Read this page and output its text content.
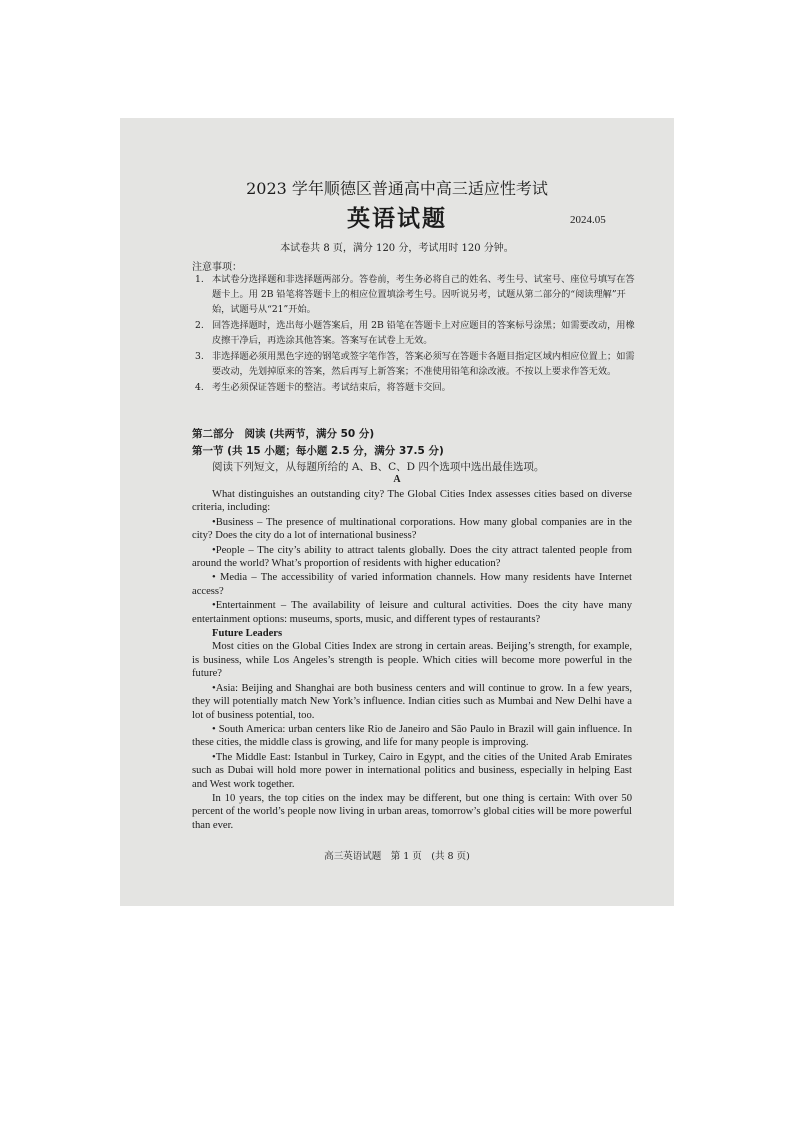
2023 学年顺德区普通高中高三适应性考试
英语试题	2024.05
本试卷共 8 页，满分 120 分，考试用时 120 分钟。
注意事项：
1. 本试卷分选择题和非选择题两部分。答卷前，考生务必将自己的姓名、考生号、试室号、座位号填写在答题卡上。用 2B 铅笔将答题卡上的相应位置填涂考生号。因听说另考，试题从第二部分的“阅读理解”开始，试题号从“21”开始。
2. 回答选择题时，选出每小题答案后，用 2B 铅笔在答题卡上对应题目的答案标号涂黑；如需要改动，用橡皮擦干净后，再选涂其他答案。答案写在试卷上无效。
3. 非选择题必须用黑色字迹的钢笔或签字笔作答，答案必须写在答题卡各题目指定区域内相应位置上；如需要改动，先划掉原来的答案，然后再写上新答案；不准使用铅笔和涂改液。不按以上要求作答无效。
4. 考生必须保证答题卡的整洁。考试结束后，将答题卡交回。
第二部分　阅读 (共两节，满分 50 分)
第一节 (共 15 小题；每小题 2.5 分，满分 37.5 分)
阅读下列短文，从每题所给的 A、B、C、D 四个选项中选出最佳选项。
A

What distinguishes an outstanding city? The Global Cities Index assesses cities based on diverse criteria, including:

•Business – The presence of multinational corporations. How many global companies are in the city? Does the city do a lot of international business?

•People – The city’s ability to attract talents globally. Does the city attract talented people from around the world? What’s proportion of residents with higher education?

• Media – The accessibility of varied information channels. How many residents have Internet access?

•Entertainment – The availability of leisure and cultural activities. Does the city have many entertainment options: museums, sports, music, and different types of restaurants?

Future Leaders

Most cities on the Global Cities Index are strong in certain areas. Beijing’s strength, for example, is business, while Los Angeles’s strength is people. Which cities will become more powerful in the future?

•Asia: Beijing and Shanghai are both business centers and will continue to grow. In a few years, they will potentially match New York’s influence. Indian cities such as Mumbai and New Delhi have a lot of business potential, too.

• South America: urban centers like Rio de Janeiro and São Paulo in Brazil will gain influence. In these cities, the middle class is growing, and life for many people is improving.

•The Middle East: Istanbul in Turkey, Cairo in Egypt, and the cities of the United Arab Emirates such as Dubai will hold more power in international politics and business, especially in helping East and West work together.

In 10 years, the top cities on the index may be different, but one thing is certain: With over 50 percent of the world’s people now living in urban areas, tomorrow’s global cities will be more powerful than ever.

高三英语试题　第 1 页　(共 8 页)
